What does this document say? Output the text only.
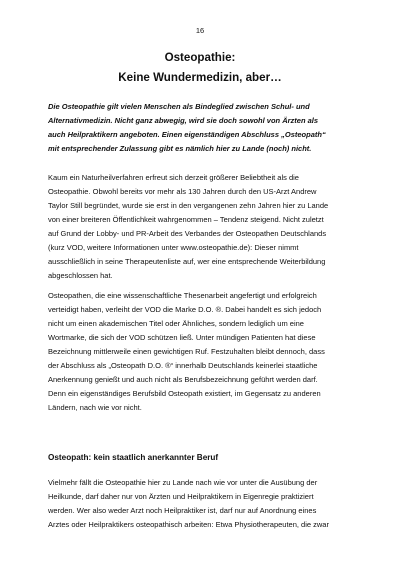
16
Osteopathie:
Keine Wundermedizin, aber…
Die Osteopathie gilt vielen Menschen als Bindeglied zwischen Schul- und
Alternativmedizin. Nicht ganz abwegig, wird sie doch sowohl von Ärzten als
auch Heilpraktikern angeboten. Einen eigenständigen Abschluss „Osteopath“
mit entsprechender Zulassung gibt es nämlich hier zu Lande (noch) nicht.
Kaum ein Naturheilverfahren erfreut sich derzeit größerer Beliebtheit als die
Osteopathie. Obwohl bereits vor mehr als 130 Jahren durch den US-Arzt Andrew
Taylor Still begründet, wurde sie erst in den vergangenen zehn Jahren hier zu Lande
von einer breiteren Öffentlichkeit wahrgenommen – Tendenz steigend. Nicht zuletzt
auf Grund der Lobby- und PR-Arbeit des Verbandes der Osteopathen Deutschlands
(kurz VOD, weitere Informationen unter www.osteopathie.de): Dieser nimmt
ausschließlich in seine Therapeutenliste auf, wer eine entsprechende Weiterbildung
abgeschlossen hat.
Osteopathen, die eine wissenschaftliche Thesenarbeit angefertigt und erfolgreich
verteidigt haben, verleiht der VOD die Marke D.O. ®. Dabei handelt es sich jedoch
nicht um einen akademischen Titel oder Ähnliches, sondern lediglich um eine
Wortmarke, die sich der VOD schützen ließ. Unter mündigen Patienten hat diese
Bezeichnung mittlerweile einen gewichtigen Ruf. Festzuhalten bleibt dennoch, dass
der Abschluss als „Osteopath D.O. ®“ innerhalb Deutschlands keinerlei staatliche
Anerkennung genießt und auch nicht als Berufsbezeichnung geführt werden darf.
Denn ein eigenständiges Berufsbild Osteopath existiert, im Gegensatz zu anderen
Ländern, nach wie vor nicht.
Osteopath: kein staatlich anerkannter Beruf
Vielmehr fällt die Osteopathie hier zu Lande nach wie vor unter die Ausübung der
Heilkunde, darf daher nur von Ärzten und Heilpraktikern in Eigenregie praktiziert
werden. Wer also weder Arzt noch Heilpraktiker ist, darf nur auf Anordnung eines
Arztes oder Heilpraktikers osteopathisch arbeiten: Etwa Physiotherapeuten, die zwar
